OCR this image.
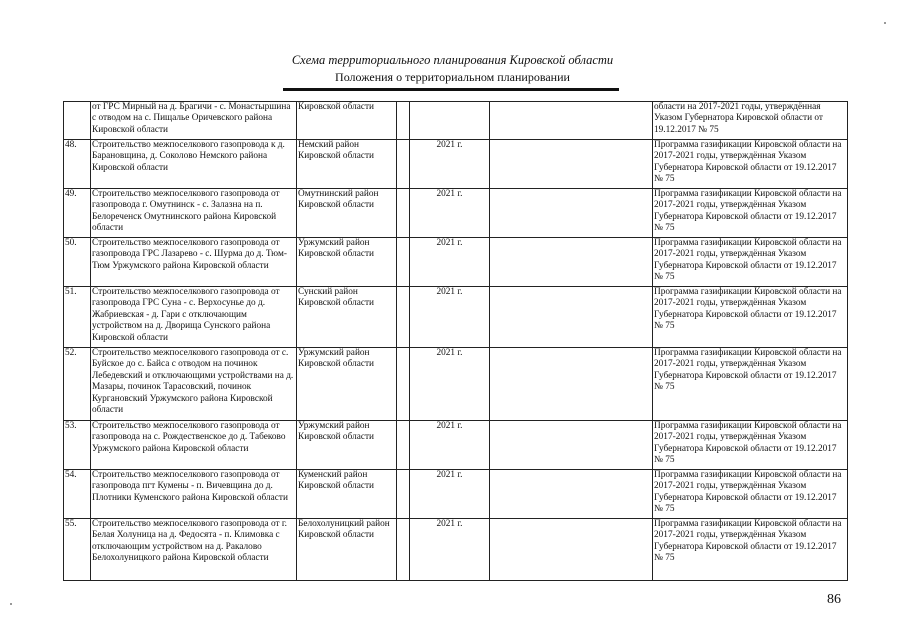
Схема территориального планирования Кировской области
Положения о территориальном планировании
	от ГРС Мирный на д. Брагичи - с. Монастыршина с отводом на с. Пищалье Оричевского района Кировской области	Кировской области				области на 2017-2021 годы, утверждённая Указом Губернатора Кировской области от 19.12.2017 № 75
48.	Строительство межпоселкового газопровода к д. Барановщина, д. Соколово Немского района Кировской области	Немский район Кировской области		2021 г.		Программа газификации Кировской области на 2017-2021 годы, утверждённая Указом Губернатора Кировской области от 19.12.2017 № 75
49.	Строительство межпоселкового газопровода от газопровода г. Омутнинск - с. Залазна на п. Белореченск Омутнинского района Кировской области	Омутнинский район Кировской области		2021 г.		Программа газификации Кировской области на 2017-2021 годы, утверждённая Указом Губернатора Кировской области от 19.12.2017 № 75
50.	Строительство межпоселкового газопровода от газопровода ГРС Лазарево - с. Шурма до д. Тюм-Тюм Уржумского района Кировской области	Уржумский район Кировской области		2021 г.		Программа газификации Кировской области на 2017-2021 годы, утверждённая Указом Губернатора Кировской области от 19.12.2017 № 75
51.	Строительство межпоселкового газопровода от газопровода ГРС Суна - с. Верхосунье до д. Жабриевская - д. Гари с отключающим устройством на д. Дворища Сунского района Кировской области	Сунский район Кировской области		2021 г.		Программа газификации Кировской области на 2017-2021 годы, утверждённая Указом Губернатора Кировской области от 19.12.2017 № 75
52.	Строительство межпоселкового газопровода от с. Буйское до с. Байса с отводом на починок Лебедевский и отключающими устройствами на д. Мазары, починок Тарасовский, починок Кургановский Уржумского района Кировской области	Уржумский район Кировской области		2021 г.		Программа газификации Кировской области на 2017-2021 годы, утверждённая Указом Губернатора Кировской области от 19.12.2017 № 75
53.	Строительство межпоселкового газопровода от газопровода на с. Рождественское до д. Табеково Уржумского района Кировской области	Уржумский район Кировской области		2021 г.		Программа газификации Кировской области на 2017-2021 годы, утверждённая Указом Губернатора Кировской области от 19.12.2017 № 75
54.	Строительство межпоселкового газопровода от газопровода пгт Кумены - п. Вичевщина до д. Плотники Куменского района Кировской области	Куменский район Кировской области		2021 г.		Программа газификации Кировской области на 2017-2021 годы, утверждённая Указом Губернатора Кировской области от 19.12.2017 № 75
55.	Строительство межпоселкового газопровода от г. Белая Холуница на д. Федосята - п. Климовка с отключающим устройством на д. Ракалово Белохолуницкого района Кировской области	Белохолуницкий район Кировской области		2021 г.		Программа газификации Кировской области на 2017-2021 годы, утверждённая Указом Губернатора Кировской области от 19.12.2017 № 75
86
